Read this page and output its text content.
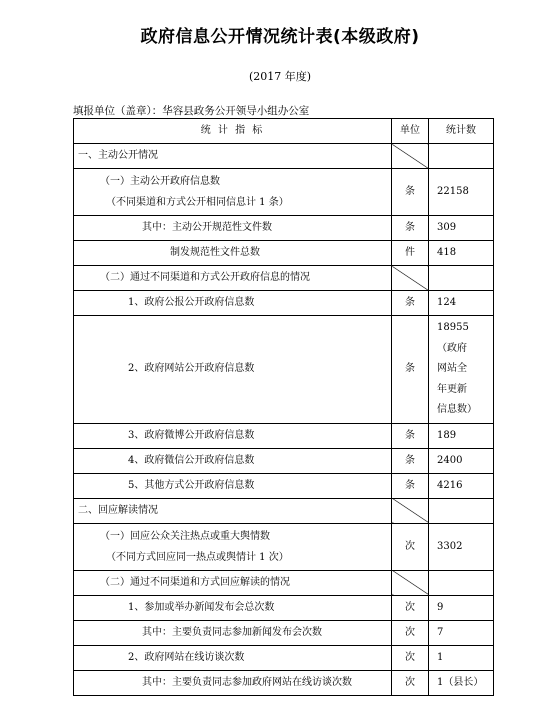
政府信息公开情况统计表(本级政府)
(2017 年度)
填报单位（盖章）：华容县政务公开领导小组办公室
统 计 指 标	单位	统计数
一、主动公开情况		

（一）主动公开政府信息数
（不同渠道和方式公开相同信息计 1 条）	条	22158
其中：主动公开规范性文件数	条	309
制发规范性文件总数	件	418
（二）通过不同渠道和方式公开政府信息的情况		
1、政府公报公开政府信息数	条	124
2、政府网站公开政府信息数	条	18955
（政府
网站全
年更新
信息数）

3、政府微博公开政府信息数	条	189
4、政府微信公开政府信息数	条	2400
5、其他方式公开政府信息数	条	4216
二、回应解读情况		

（一）回应公众关注热点或重大舆情数
（不同方式回应同一热点或舆情计 1 次）	次	3302
（二）通过不同渠道和方式回应解读的情况		
1、参加或举办新闻发布会总次数	次	9
其中：主要负责同志参加新闻发布会次数	次	7
2、政府网站在线访谈次数	次	1
其中：主要负责同志参加政府网站在线访谈次数	次	1（县长）
